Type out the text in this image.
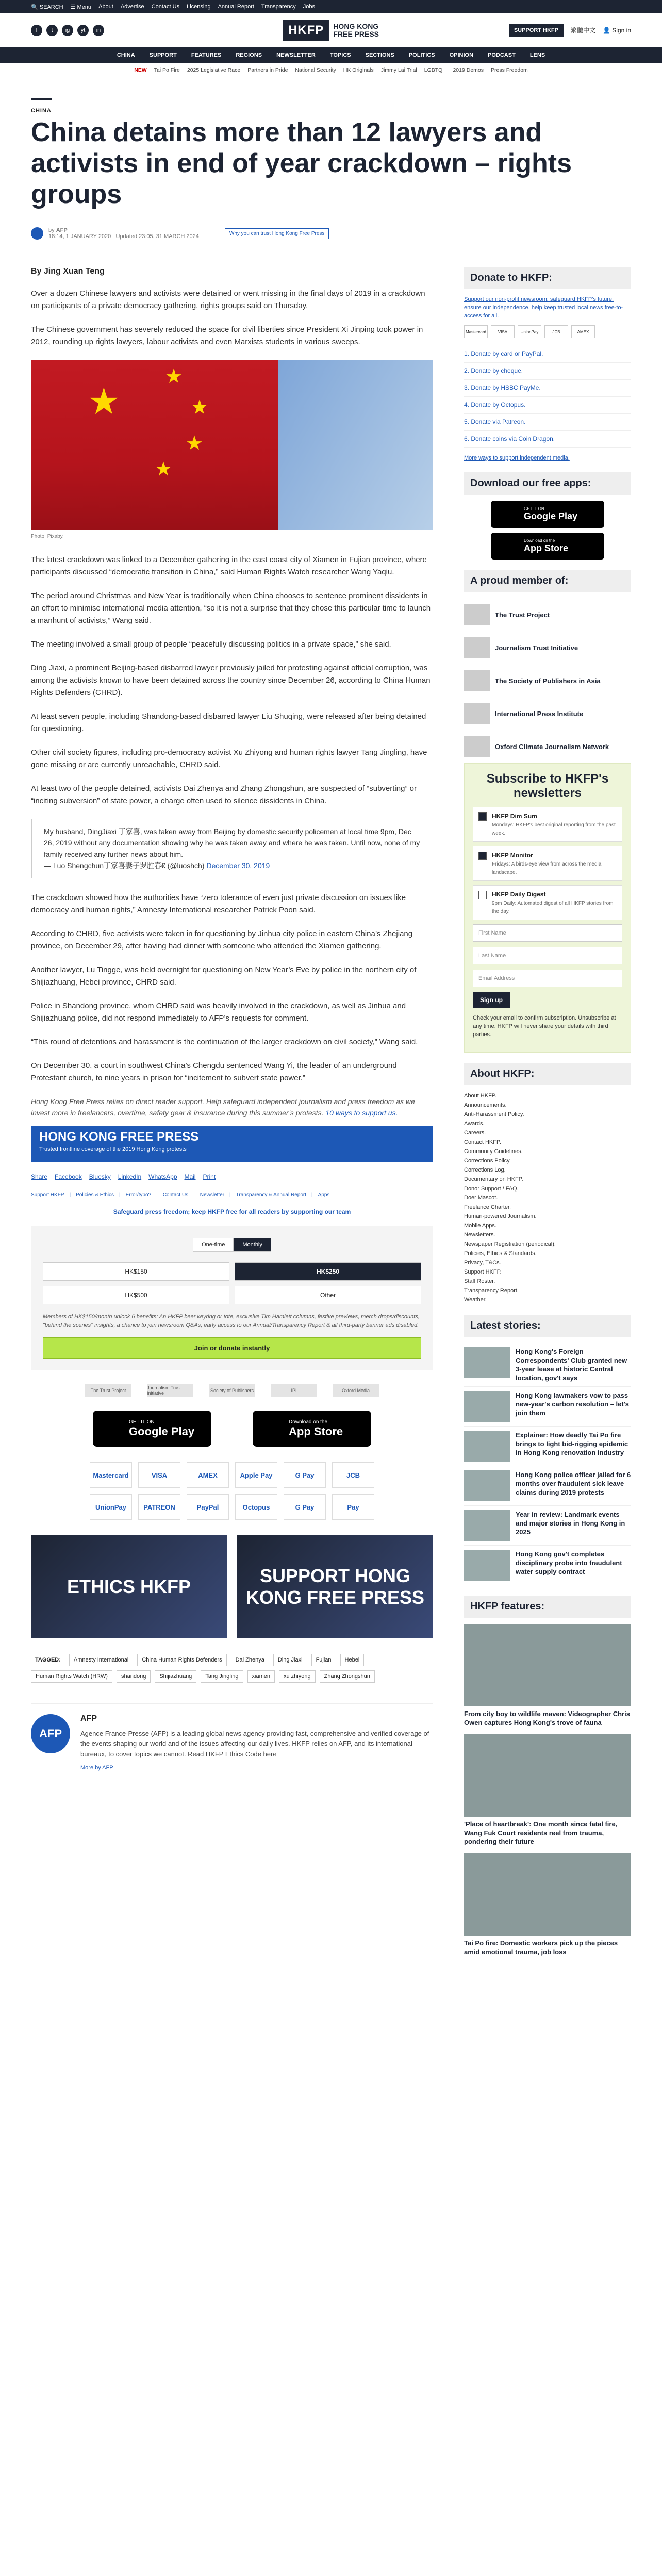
🔍 SEARCH ☰ Menu About Advertise Contact Us Licensing Annual Report Transparency Jobs
f	t	ig	yt	in	HKFP	HONG KONG
FREE PRESS	SUPPORT HKFP	繁體中文 👤 Sign in
CHINA	SUPPORT	FEATURES	REGIONS	NEWSLETTER	TOPICS	SECTIONS	POLITICS	OPINION	PODCAST	LENS
NEW Tai Po Fire 2025 Legislative Race Partners in Pride National Security HK Originals Jimmy Lai Trial LGBTQ+ 2019 Demos Press Freedom
CHINA
China detains more than 12 lawyers and activists in end of year crackdown – rights groups
by AFP
18:14, 1 JANUARY 2020 Updated 23:05, 31 MARCH 2024	Why you can trust Hong Kong Free Press
By Jing Xuan Teng

Over a dozen Chinese lawyers and activists were detained or went missing in the final days of 2019 in a crackdown on participants of a private democracy gathering, rights groups said on Thursday.

The Chinese government has severely reduced the space for civil liberties since President Xi Jinping took power in 2012, rounding up rights lawyers, labour activists and even Marxists students in various sweeps.

★
★
★
★
★
Photo: Pixaby.

The latest crackdown was linked to a December gathering in the east coast city of Xiamen in Fujian province, where participants discussed “democratic transition in China,” said Human Rights Watch researcher Wang Yaqiu.

The period around Christmas and New Year is traditionally when China chooses to sentence prominent dissidents in an effort to minimise international media attention, “so it is not a surprise that they chose this particular time to launch a manhunt of activists,” Wang said.

The meeting involved a small group of people “peacefully discussing politics in a private space,” she said.

Ding Jiaxi, a prominent Beijing-based disbarred lawyer previously jailed for protesting against official corruption, was among the activists known to have been detained across the country since December 26, according to China Human Rights Defenders (CHRD).

At least seven people, including Shandong-based disbarred lawyer Liu Shuqing, were released after being detained for questioning.

Other civil society figures, including pro-democracy activist Xu Zhiyong and human rights lawyer Tang Jingling, have gone missing or are currently unreachable, CHRD said.

At least two of the people detained, activists Dai Zhenya and Zhang Zhongshun, are suspected of “subverting” or “inciting subversion” of state power, a charge often used to silence dissidents in China.

My husband, DingJiaxi 丁家喜, was taken away from Beijing by domestic security policemen at local time 9pm, Dec 26, 2019 without any documentation showing why he was taken away and where he was taken. Until now, none of my family received any further news about him.

— Luo Shengchun丁家喜妻子罗胜春€ (@luoshch) December 30, 2019

The crackdown showed how the authorities have “zero tolerance of even just private discussion on issues like democracy and human rights,” Amnesty International researcher Patrick Poon said.

According to CHRD, five activists were taken in for questioning by Jinhua city police in eastern China’s Zhejiang province, on December 29, after having had dinner with someone who attended the Xiamen gathering.

Another lawyer, Lu Tingge, was held overnight for questioning on New Year’s Eve by police in the northern city of Shijiazhuang, Hebei province, CHRD said.

Police in Shandong province, whom CHRD said was heavily involved in the crackdown, as well as Jinhua and Shijiazhuang police, did not respond immediately to AFP’s requests for comment.

“This round of detentions and harassment is the continuation of the larger crackdown on civil society,” Wang said.

On December 30, a court in southwest China’s Chengdu sentenced Wang Yi, the leader of an underground Protestant church, to nine years in prison for “incitement to subvert state power.”

Hong Kong Free Press relies on direct reader support. Help safeguard independent journalism and press freedom as we invest more in freelancers, overtime, safety gear & insurance during this summer’s protests. 10 ways to support us.

HONG KONG FREE PRESS
Trusted frontline coverage of the 2019 Hong Kong protests
Share Facebook Bluesky LinkedIn WhatsApp Mail Print
Support HKFP | Policies & Ethics | Error/typo? | Contact Us | Newsletter | Transparency & Annual Report | Apps
Safeguard press freedom; keep HKFP free for all readers by supporting our team
One-time	Monthly
HK$150	HK$250
HK$500	Other
Members of HK$150/month unlock 6 benefits: An HKFP beer keyring or tote, exclusive Tim Hamlett columns, festive previews, merch drops/discounts, "behind the scenes" insights, a chance to join newsroom Q&As, early access to our Annual/Transparency Report & all third-party banner ads disabled.
Join or donate instantly
The Trust Project	Journalism Trust Initiative	Society of Publishers	IPI	Oxford Media
GET IT ON
Google Play
Download on the
App Store
Mastercard	VISA	AMEX	Apple Pay	G Pay	JCB
UnionPay	PATREON	PayPal	Octopus	G Pay	Pay
ETHICS HKFP
SUPPORT HONG KONG FREE PRESS
TAGGED:	Amnesty International	China Human Rights Defenders	Dai Zhenya	Ding Jiaxi	Fujian	Hebei
Human Rights Watch (HRW)	shandong	Shijiazhuang	Tang Jingling	xiamen	xu zhiyong	Zhang Zhongshun
AFP
AFP
Agence France-Presse (AFP) is a leading global news agency providing fast, comprehensive and verified coverage of the events shaping our world and of the issues affecting our daily lives. HKFP relies on AFP, and its international bureaux, to cover topics we cannot. Read HKFP Ethics Code here
More by AFP
Donate to HKFP:
Support our non-profit newsroom: safeguard HKFP's future, ensure our independence, help keep trusted local news free-to-access for all.
Mastercard	VISA	UnionPay	JCB	AMEX
1. Donate by card or PayPal.
2. Donate by cheque.
3. Donate by HSBC PayMe.
4. Donate by Octopus.
5. Donate via Patreon.
6. Donate coins via Coin Dragon.
More ways to support independent media.
Download our free apps:
GET IT ON
Google Play
Download on the
App Store
A proud member of:
The Trust Project
Journalism Trust Initiative
The Society of Publishers in Asia
International Press Institute
Oxford Climate Journalism Network
Subscribe to HKFP's newsletters
HKFP Dim Sum
Mondays: HKFP's best original reporting from the past week.
HKFP Monitor
Fridays: A birds-eye view from across the media landscape.
HKFP Daily Digest
9pm Daily: Automated digest of all HKFP stories from the day.
First Name
Last Name
Email Address
Sign up
Check your email to confirm subscription. Unsubscribe at any time. HKFP will never share your details with third parties.
About HKFP:
About HKFP.
Announcements.
Anti-Harassment Policy.
Awards.
Careers.
Contact HKFP.
Community Guidelines.
Corrections Policy.
Corrections Log.
Documentary on HKFP.
Donor Support / FAQ.
Doer Mascot.
Freelance Charter.
Human-powered Journalism.
Mobile Apps.
Newsletters.
Newspaper Registration (periodical).
Policies, Ethics & Standards.
Privacy, T&Cs.
Support HKFP.
Staff Roster.
Transparency Report.
Weather.
Latest stories:
Hong Kong's Foreign Correspondents' Club granted new 3-year lease at historic Central location, gov't says
Hong Kong lawmakers vow to pass new-year's carbon resolution – let's join them
Explainer: How deadly Tai Po fire brings to light bid-rigging epidemic in Hong Kong renovation industry
Hong Kong police officer jailed for 6 months over fraudulent sick leave claims during 2019 protests
Year in review: Landmark events and major stories in Hong Kong in 2025
Hong Kong gov't completes disciplinary probe into fraudulent water supply contract
HKFP features:
From city boy to wildlife maven: Videographer Chris Owen captures Hong Kong's trove of fauna
'Place of heartbreak': One month since fatal fire, Wang Fuk Court residents reel from trauma, pondering their future
Tai Po fire: Domestic workers pick up the pieces amid emotional trauma, job loss
